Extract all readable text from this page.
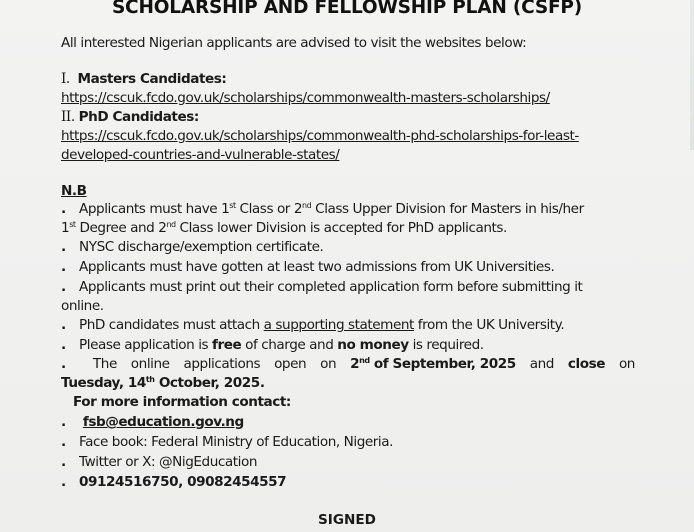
SCHOLARSHIP AND FELLOWSHIP PLAN (CSFP)
All interested Nigerian applicants are advised to visit the websites below:
I. Masters Candidates:
https://cscuk.fcdo.gov.uk/scholarships/commonwealth-masters-scholarships/
II. PhD Candidates:
https://cscuk.fcdo.gov.uk/scholarships/commonwealth-phd-scholarships-for-least-
developed-countries-and-vulnerable-states/
N.B
. Applicants must have 1st Class or 2nd Class Upper Division for Masters in his/her
1st Degree and 2nd Class lower Division is accepted for PhD applicants.
. NYSC discharge/exemption certificate.
. Applicants must have gotten at least two admissions from UK Universities.
. Applicants must print out their completed application form before submitting it
online.
. PhD candidates must attach a supporting statement from the UK University.
. Please application is free of charge and no money is required.
.	The online applications open on 2nd of September, 2025 and close on
Tuesday, 14th October, 2025.
For more information contact:
. fsb@education.gov.ng
. Face book: Federal Ministry of Education, Nigeria.
. Twitter or X: @NigEducation
. 09124516750, 09082454557
SIGNED
